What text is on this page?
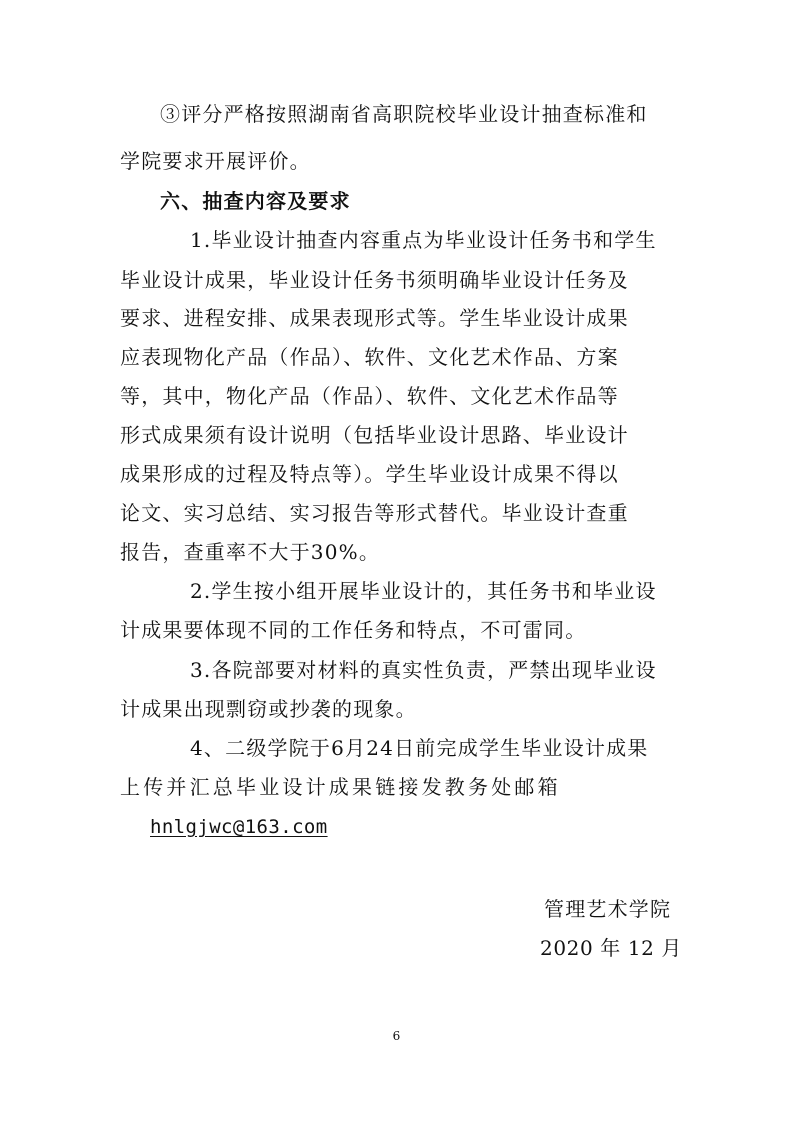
③评分严格按照湖南省高职院校毕业设计抽查标准和
学院要求开展评价。
六、抽查内容及要求
1.毕业设计抽查内容重点为毕业设计任务书和学生
毕业设计成果，毕业设计任务书须明确毕业设计任务及
要求、进程安排、成果表现形式等。学生毕业设计成果
应表现物化产品（作品）、软件、文化艺术作品、方案
等，其中，物化产品（作品）、软件、文化艺术作品等
形式成果须有设计说明（包括毕业设计思路、毕业设计
成果形成的过程及特点等）。学生毕业设计成果不得以
论文、实习总结、实习报告等形式替代。毕业设计查重
报告，查重率不大于30%。
2.学生按小组开展毕业设计的，其任务书和毕业设
计成果要体现不同的工作任务和特点，不可雷同。
3.各院部要对材料的真实性负责，严禁出现毕业设
计成果出现剽窃或抄袭的现象。
4、二级学院于6月24日前完成学生毕业设计成果
上传并汇总毕业设计成果链接发教务处邮箱
hnlgjwc@163.com
管理艺术学院
2020 年 12 月
6
